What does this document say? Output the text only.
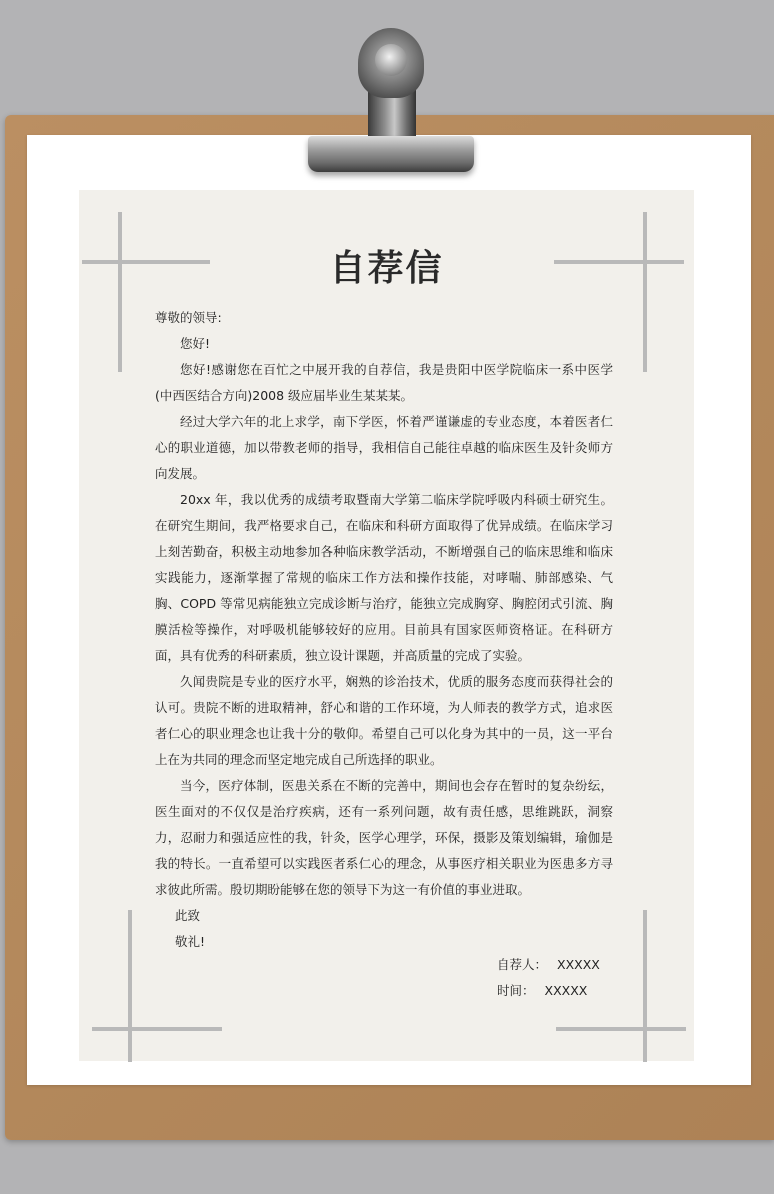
自荐信

尊敬的领导:

您好!

您好!感谢您在百忙之中展开我的自荐信，我是贵阳中医学院临床一系中医学(中西医结合方向)2008 级应届毕业生某某某。

经过大学六年的北上求学，南下学医，怀着严谨谦虚的专业态度，本着医者仁心的职业道德，加以带教老师的指导，我相信自己能往卓越的临床医生及针灸师方向发展。

20xx 年，我以优秀的成绩考取暨南大学第二临床学院呼吸内科硕士研究生。在研究生期间，我严格要求自己，在临床和科研方面取得了优异成绩。在临床学习上刻苦勤奋，积极主动地参加各种临床教学活动，不断增强自己的临床思维和临床实践能力，逐渐掌握了常规的临床工作方法和操作技能，对哮喘、肺部感染、气胸、COPD 等常见病能独立完成诊断与治疗，能独立完成胸穿、胸腔闭式引流、胸膜活检等操作，对呼吸机能够较好的应用。目前具有国家医师资格证。在科研方面，具有优秀的科研素质，独立设计课题，并高质量的完成了实验。

久闻贵院是专业的医疗水平，娴熟的诊治技术，优质的服务态度而获得社会的认可。贵院不断的进取精神，舒心和谐的工作环境，为人师表的教学方式，追求医者仁心的职业理念也让我十分的敬仰。希望自己可以化身为其中的一员，这一平台上在为共同的理念而坚定地完成自己所选择的职业。

当今，医疗体制，医患关系在不断的完善中，期间也会存在暂时的复杂纷纭，医生面对的不仅仅是治疗疾病，还有一系列问题，故有责任感，思维跳跃，洞察力，忍耐力和强适应性的我，针灸，医学心理学，环保，摄影及策划编辑，瑜伽是我的特长。一直希望可以实践医者系仁心的理念，从事医疗相关职业为医患多方寻求彼此所需。殷切期盼能够在您的领导下为这一有价值的事业进取。

此致

敬礼!

自荐人： XXXXX
时间： XXXXX
